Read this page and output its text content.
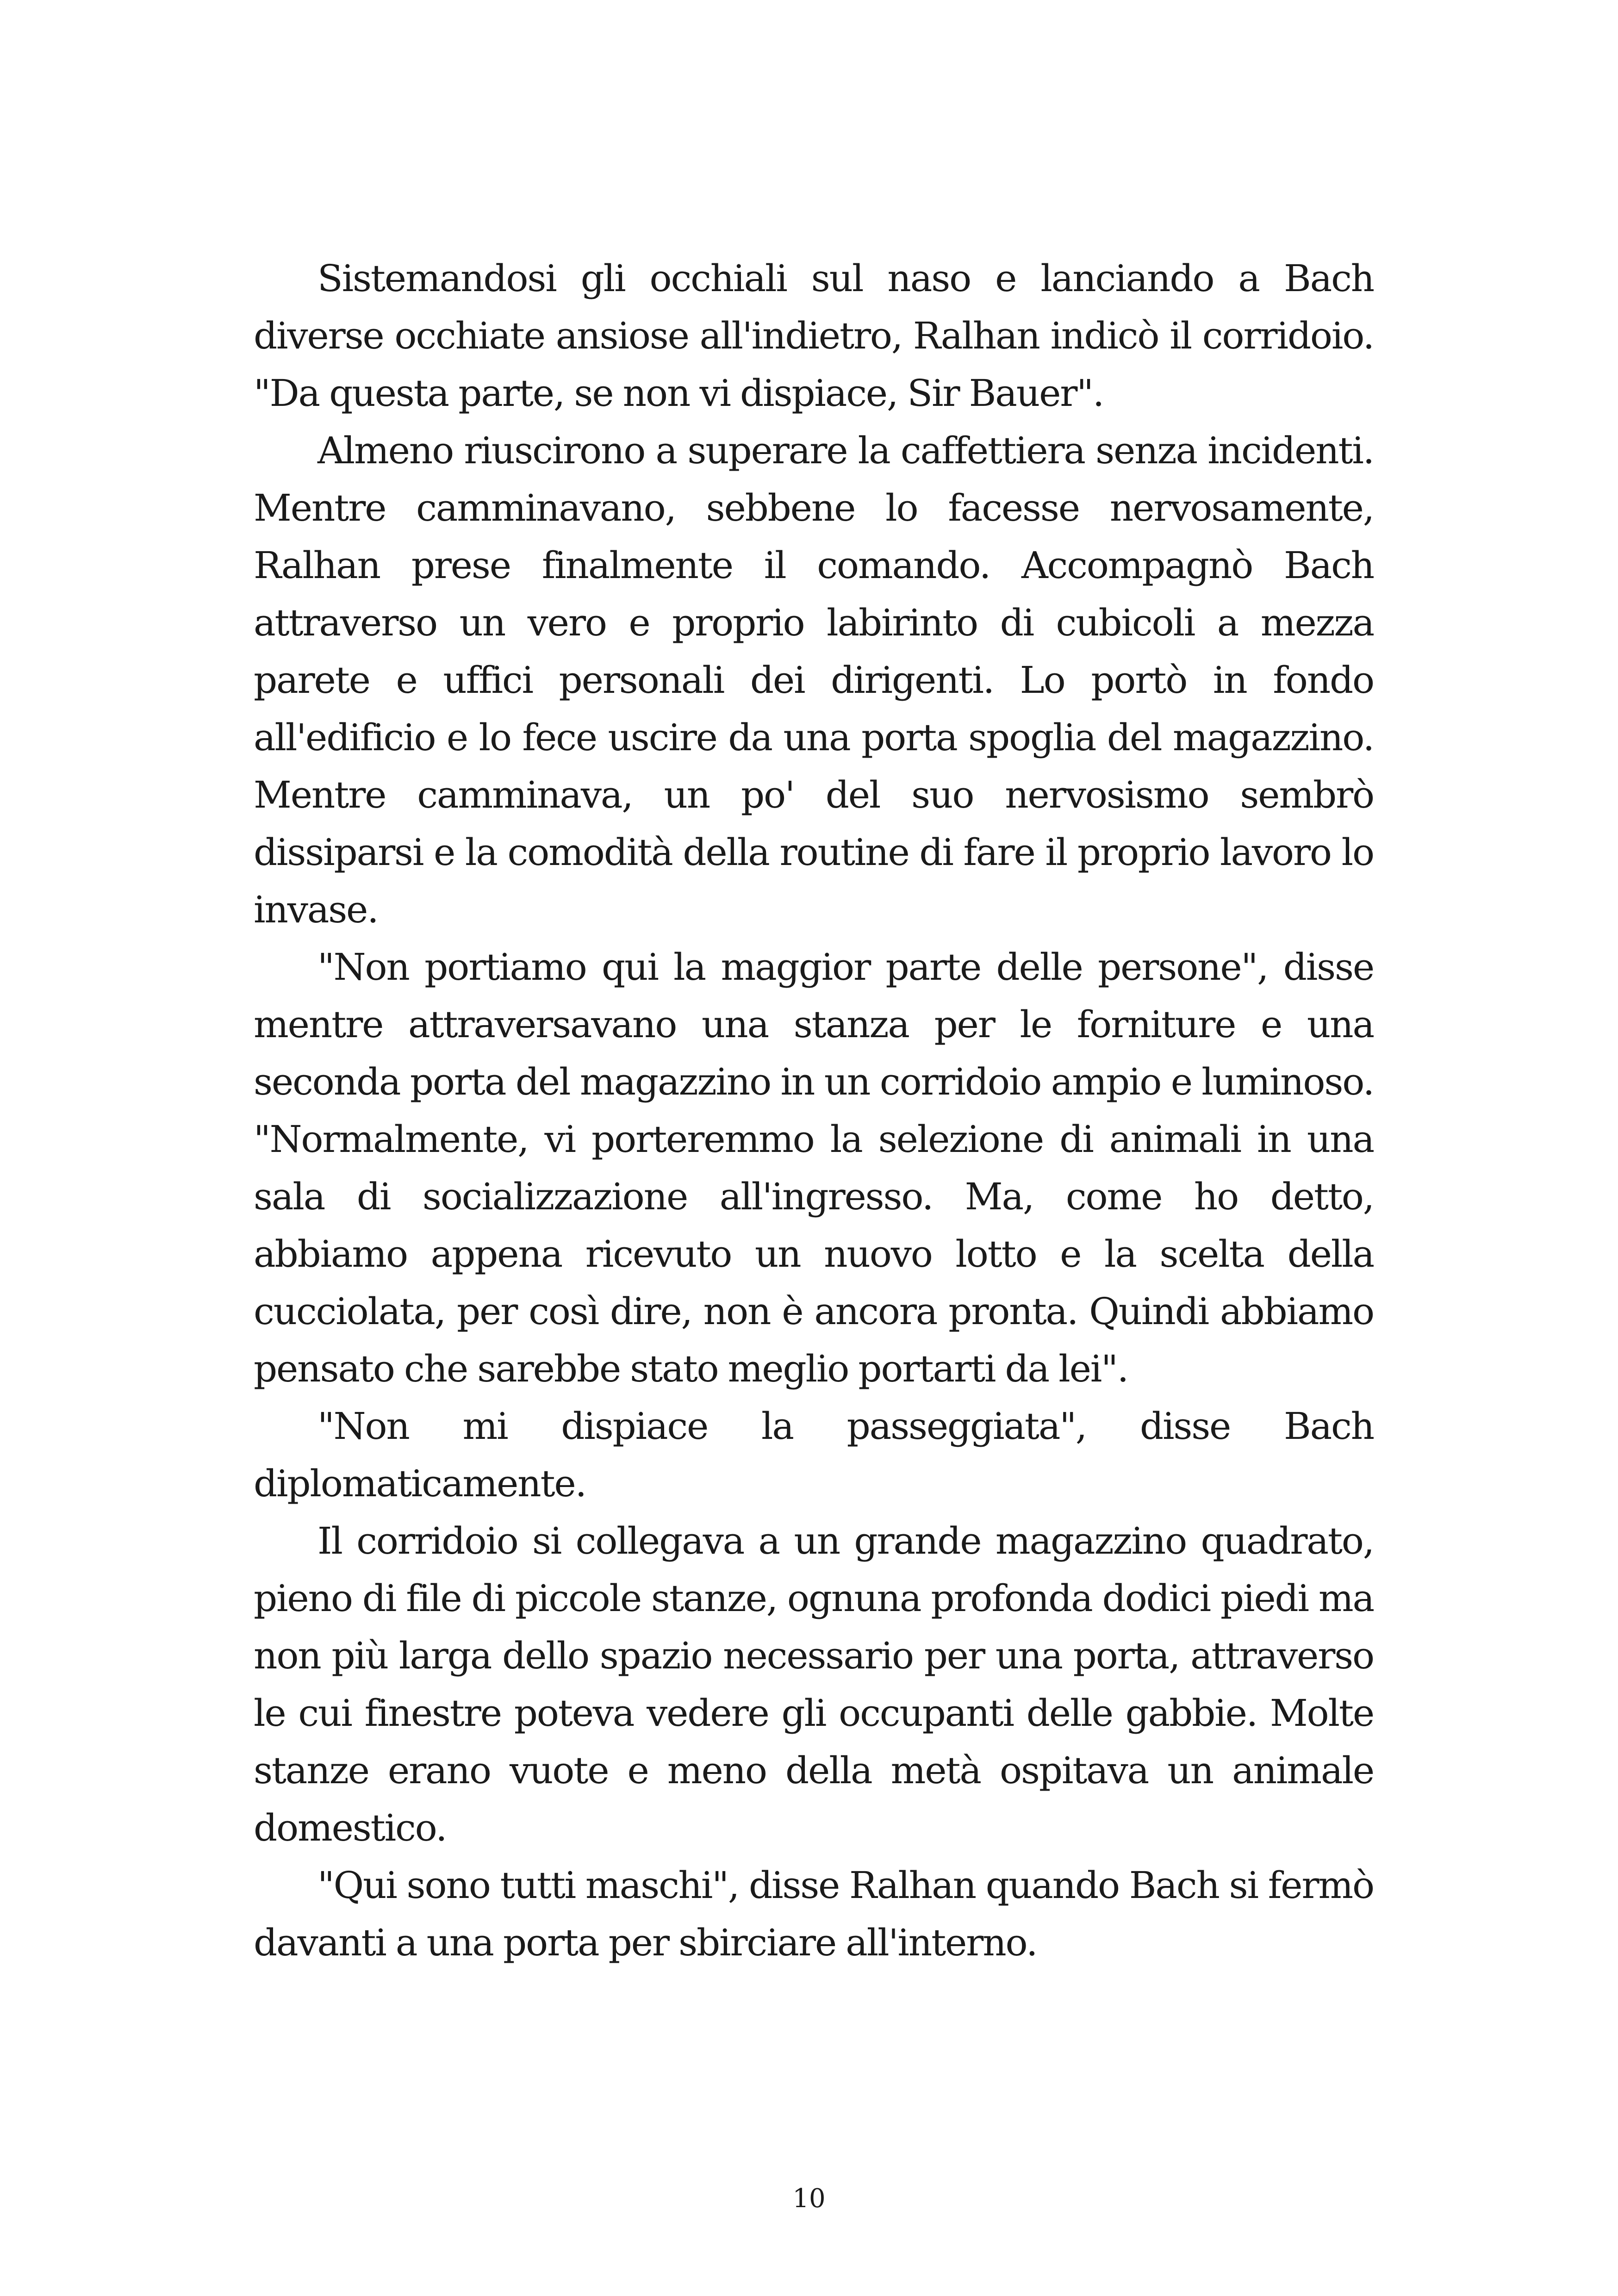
Sistemandosi gli occhiali sul naso e lanciando a Bach diverse occhiate ansiose all'indietro, Ralhan indicò il corridoio. "Da questa parte, se non vi dispiace, Sir Bauer".

Almeno riuscirono a superare la caffettiera senza incidenti. Mentre camminavano, sebbene lo facesse nervosamente, Ralhan prese finalmente il comando. Accompagnò Bach attraverso un vero e proprio labirinto di cubicoli a mezza parete e uffici personali dei dirigenti. Lo portò in fondo all'edificio e lo fece uscire da una porta spoglia del magazzino. Mentre camminava, un po' del suo nervosismo sembrò dissiparsi e la comodità della routine di fare il proprio lavoro lo invase.

"Non portiamo qui la maggior parte delle persone", disse mentre attraversavano una stanza per le forniture e una seconda porta del magazzino in un corridoio ampio e luminoso. "Normalmente, vi porteremmo la selezione di animali in una sala di socializzazione all'ingresso. Ma, come ho detto, abbiamo appena ricevuto un nuovo lotto e la scelta della cucciolata, per così dire, non è ancora pronta. Quindi abbiamo pensato che sarebbe stato meglio portarti da lei".

"Non mi dispiace la passeggiata", disse Bach diplomaticamente.

Il corridoio si collegava a un grande magazzino quadrato, pieno di file di piccole stanze, ognuna profonda dodici piedi ma non più larga dello spazio necessario per una porta, attraverso le cui finestre poteva vedere gli occupanti delle gabbie. Molte stanze erano vuote e meno della metà ospitava un animale domestico.

"Qui sono tutti maschi", disse Ralhan quando Bach si fermò davanti a una porta per sbirciare all'interno.

10
